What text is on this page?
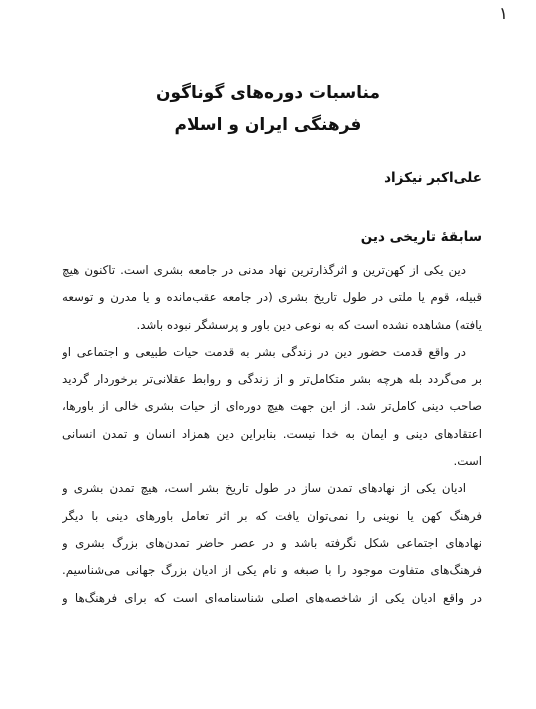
۱
مناسبات دوره‌های گوناگون
فرهنگی ایران و اسلام
علی‌اکبر نیکزاد
سابقهٔ تاریخی دین
دین یکی از کهن‌ترین و اثرگذارترین نهاد مدنی در جامعه بشری است. تاکنون هیچ
قبیله، قوم یا ملتی در طول تاریخ بشری (در جامعه عقب‌مانده و یا مدرن و توسعه
یافته) مشاهده نشده است که به نوعی دین باور و پرسشگر نبوده باشد.
در واقع قدمت حضور دین در زندگی بشر به قدمت حیات طبیعی و اجتماعی او
بر می‌گردد بله هرچه بشر متکامل‌تر و از زندگی و روابط عقلانی‌تر برخوردار گردید
صاحب دینی کامل‌تر شد. از این جهت هیچ دوره‌ای از حیات بشری خالی از باورها،
اعتقادهای دینی و ایمان به خدا نیست. بنابراین دین همزاد انسان و تمدن انسانی
است.
ادیان یکی از نهادهای تمدن ساز در طول تاریخ بشر است، هیچ تمدن بشری و
فرهنگ کهن یا نوینی را نمی‌توان یافت که بر اثر تعامل باورهای دینی با دیگر
نهادهای اجتماعی شکل نگرفته باشد و در عصر حاضر تمدن‌های بزرگ بشری و
فرهنگ‌های متفاوت موجود را با صبغه و نام یکی از ادیان بزرگ جهانی می‌شناسیم.
در واقع ادیان یکی از شاخصه‌های اصلی شناسنامه‌ای است که برای فرهنگ‌ها و
